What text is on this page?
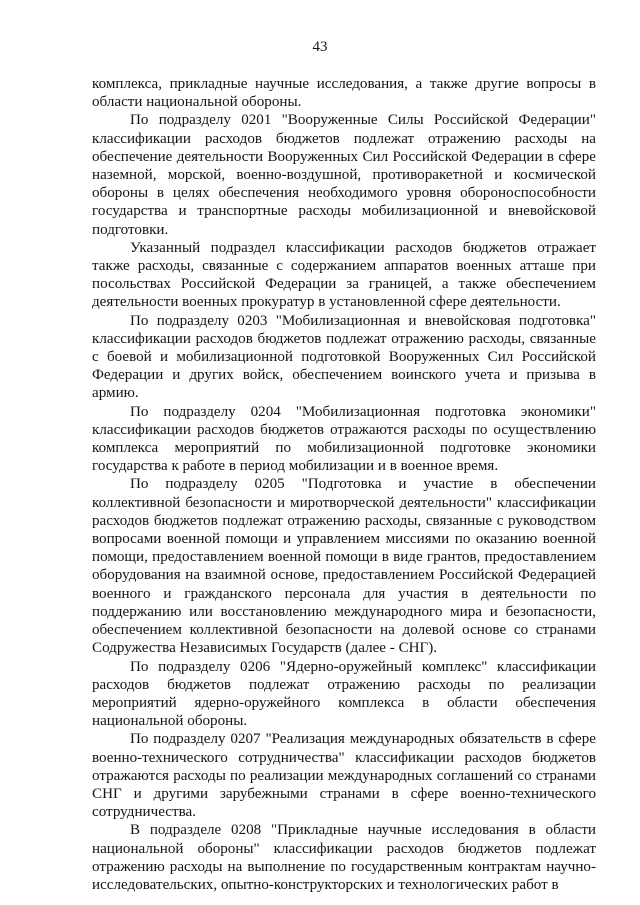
43

комплекса, прикладные научные исследования, а также другие вопросы в области национальной обороны.

По подразделу 0201 "Вооруженные Силы Российской Федерации" классификации расходов бюджетов подлежат отражению расходы на обеспечение деятельности Вооруженных Сил Российской Федерации в сфере наземной, морской, военно-воздушной, противоракетной и космической обороны в целях обеспечения необходимого уровня обороноспособности государства и транспортные расходы мобилизационной и вневойсковой подготовки.

Указанный подраздел классификации расходов бюджетов отражает также расходы, связанные с содержанием аппаратов военных атташе при посольствах Российской Федерации за границей, а также обеспечением деятельности военных прокуратур в установленной сфере деятельности.

По подразделу 0203 "Мобилизационная и вневойсковая подготовка" классификации расходов бюджетов подлежат отражению расходы, связанные с боевой и мобилизационной подготовкой Вооруженных Сил Российской Федерации и других войск, обеспечением воинского учета и призыва в армию.

По подразделу 0204 "Мобилизационная подготовка экономики" классификации расходов бюджетов отражаются расходы по осуществлению комплекса мероприятий по мобилизационной подготовке экономики государства к работе в период мобилизации и в военное время.

По подразделу 0205 "Подготовка и участие в обеспечении коллективной безопасности и миротворческой деятельности" классификации расходов бюджетов подлежат отражению расходы, связанные с руководством вопросами военной помощи и управлением миссиями по оказанию военной помощи, предоставлением военной помощи в виде грантов, предоставлением оборудования на взаимной основе, предоставлением Российской Федерацией военного и гражданского персонала для участия в деятельности по поддержанию или восстановлению международного мира и безопасности, обеспечением коллективной безопасности на долевой основе со странами Содружества Независимых Государств (далее - СНГ).

По подразделу 0206 "Ядерно-оружейный комплекс" классификации расходов бюджетов подлежат отражению расходы по реализации мероприятий ядерно-оружейного комплекса в области обеспечения национальной обороны.

По подразделу 0207 "Реализация международных обязательств в сфере военно-технического сотрудничества" классификации расходов бюджетов отражаются расходы по реализации международных соглашений со странами СНГ и другими зарубежными странами в сфере военно-технического сотрудничества.

В подразделе 0208 "Прикладные научные исследования в области национальной обороны" классификации расходов бюджетов подлежат отражению расходы на выполнение по государственным контрактам научно-исследовательских, опытно-конструкторских и технологических работ в
